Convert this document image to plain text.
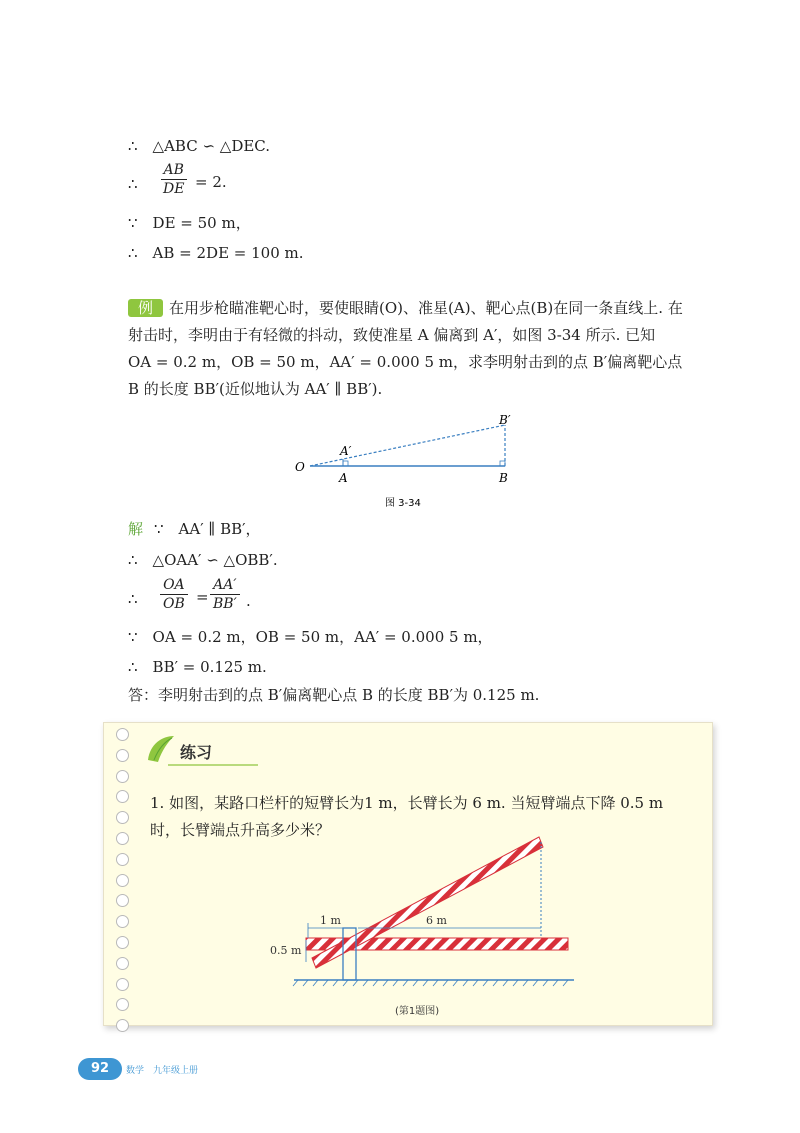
∴　△ABC ∽ △DEC.
∴ $\frac{AB}{DE} = 2$.
∵　DE = 50 m，
∴　AB = 2DE = 100 m.
例 在用步枪瞄准靶心时，要使眼睛(O)、准星(A)、靶心点(B)在同一条直线上. 在射击时，李明由于有轻微的抖动，致使准星 A 偏离到 A′，如图 3-34 所示. 已知 OA = 0.2 m，OB = 50 m，AA′ = 0.000 5 m，求李明射击到的点 B′偏离靶心点 B 的长度 BB′(近似地认为 AA′ ∥ BB′).
O
A
A′
B
B′
图 3-34
解 ∵　AA′ ∥ BB′，
∴　△OAA′ ∽ △OBB′.
∴ $\frac{OA}{OB} = \frac{AA'}{BB'}$ .
∵　OA = 0.2 m，OB = 50 m，AA′ = 0.000 5 m，
∴　BB′ = 0.125 m.
答：李明射击到的点 B′偏离靶心点 B 的长度 BB′为 0.125 m.
练习
1. 如图，某路口栏杆的短臂长为1 m，长臂长为 6 m. 当短臂端点下降 0.5 m时，长臂端点升高多少米？
1 m	6 m
0.5 m
(第1题图)
92	数学　九年级上册
